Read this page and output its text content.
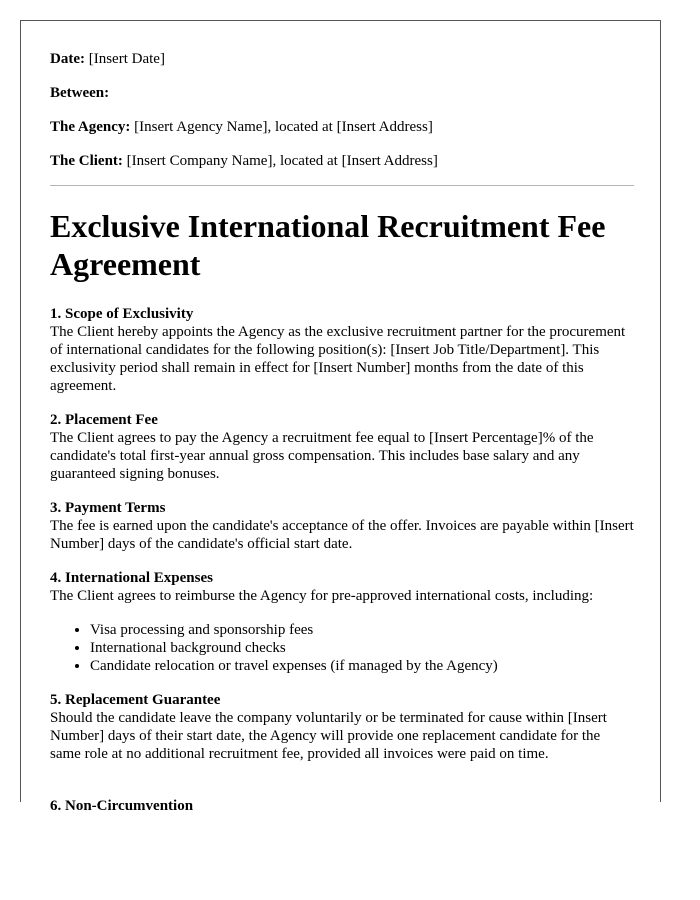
Date: [Insert Date]
Between:
The Agency: [Insert Agency Name], located at [Insert Address]
The Client: [Insert Company Name], located at [Insert Address]
Exclusive International Recruitment Fee
Agreement

1. Scope of Exclusivity

The Client hereby appoints the Agency as the exclusive recruitment partner for the procurement of international candidates for the following position(s): [Insert Job Title/Department]. This exclusivity period shall remain in effect for [Insert Number] months from the date of this agreement.

2. Placement Fee

The Client agrees to pay the Agency a recruitment fee equal to [Insert Percentage]% of the candidate's total first-year annual gross compensation. This includes base salary and any guaranteed signing bonuses.

3. Payment Terms

The fee is earned upon the candidate's acceptance of the offer. Invoices are payable within [Insert Number] days of the candidate's official start date.

4. International Expenses

The Client agrees to reimburse the Agency for pre-approved international costs, including:

• Visa processing and sponsorship fees
• International background checks
• Candidate relocation or travel expenses (if managed by the Agency)

5. Replacement Guarantee

Should the candidate leave the company voluntarily or be terminated for cause within [Insert Number] days of their start date, the Agency will provide one replacement candidate for the same role at no additional recruitment fee, provided all invoices were paid on time.

6. Non-Circumvention
